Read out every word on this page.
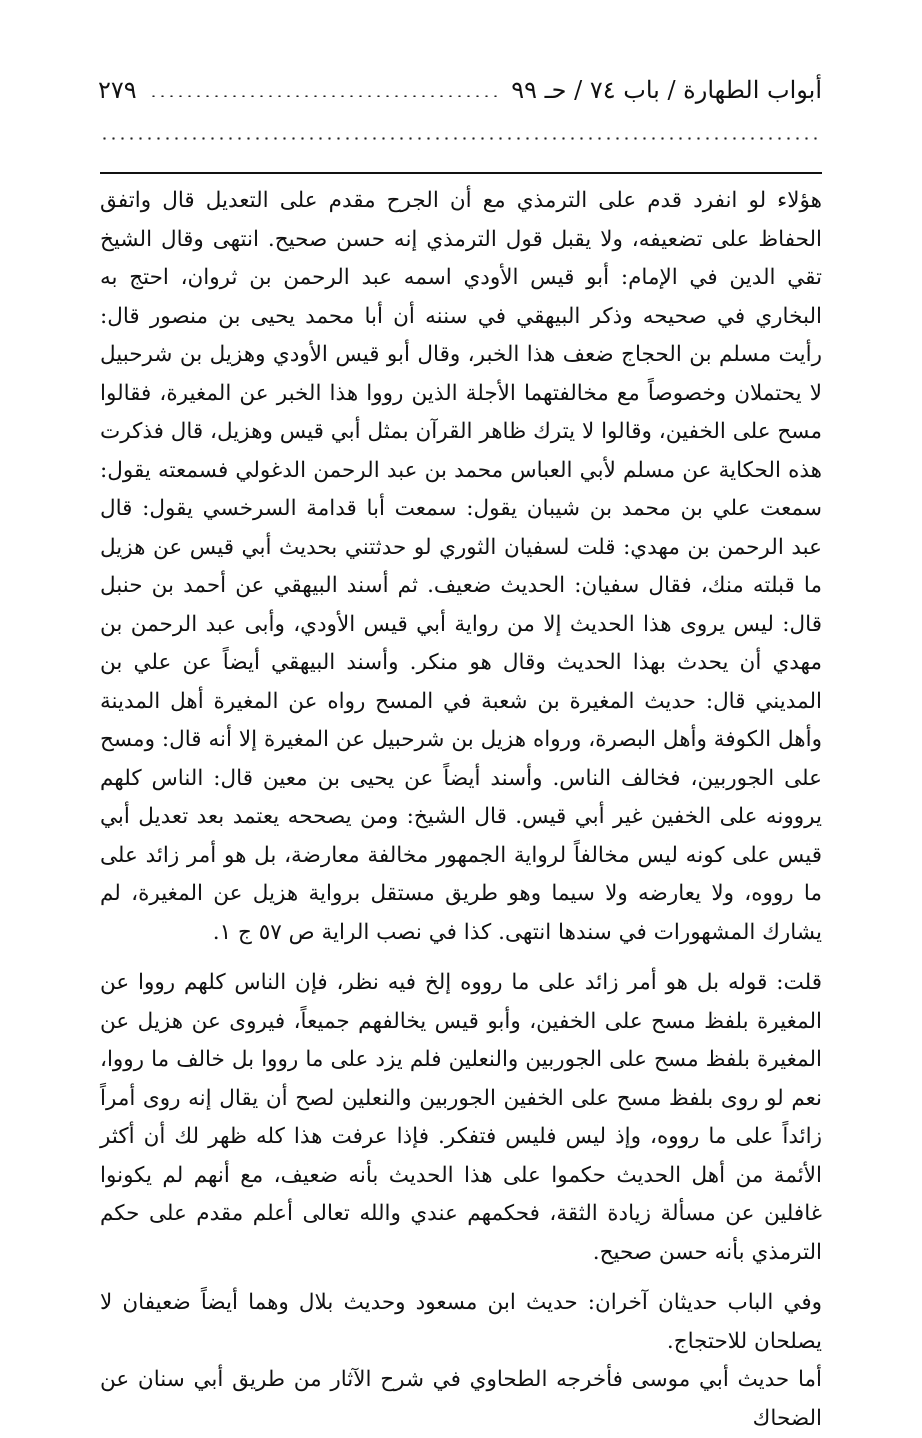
أبواب الطهارة / باب ٧٤ / حـ ٩٩
٢٧٩

هؤلاء لو انفرد قدم على الترمذي مع أن الجرح مقدم على التعديل قال واتفق الحفاظ على تضعيفه، ولا يقبل قول الترمذي إنه حسن صحيح. انتهى وقال الشيخ تقي الدين في الإمام: أبو قيس الأودي اسمه عبد الرحمن بن ثروان، احتج به البخاري في صحيحه وذكر البيهقي في سننه أن أبا محمد يحيى بن منصور قال: رأيت مسلم بن الحجاج ضعف هذا الخبر، وقال أبو قيس الأودي وهزيل بن شرحبيل لا يحتملان وخصوصاً مع مخالفتهما الأجلة الذين رووا هذا الخبر عن المغيرة، فقالوا مسح على الخفين، وقالوا لا يترك ظاهر القرآن بمثل أبي قيس وهزيل، قال فذكرت هذه الحكاية عن مسلم لأبي العباس محمد بن عبد الرحمن الدغولي فسمعته يقول: سمعت علي بن محمد بن شيبان يقول: سمعت أبا قدامة السرخسي يقول: قال عبد الرحمن بن مهدي: قلت لسفيان الثوري لو حدثتني بحديث أبي قيس عن هزيل ما قبلته منك، فقال سفيان: الحديث ضعيف. ثم أسند البيهقي عن أحمد بن حنبل قال: ليس يروى هذا الحديث إلا من رواية أبي قيس الأودي، وأبى عبد الرحمن بن مهدي أن يحدث بهذا الحديث وقال هو منكر. وأسند البيهقي أيضاً عن علي بن المديني قال: حديث المغيرة بن شعبة في المسح رواه عن المغيرة أهل المدينة وأهل الكوفة وأهل البصرة، ورواه هزيل بن شرحبيل عن المغيرة إلا أنه قال: ومسح على الجوربين، فخالف الناس. وأسند أيضاً عن يحيى بن معين قال: الناس كلهم يروونه على الخفين غير أبي قيس. قال الشيخ: ومن يصححه يعتمد بعد تعديل أبي قيس على كونه ليس مخالفاً لرواية الجمهور مخالفة معارضة، بل هو أمر زائد على ما رووه، ولا يعارضه ولا سيما وهو طريق مستقل برواية هزيل عن المغيرة، لم يشارك المشهورات في سندها انتهى. كذا في نصب الراية ص ٥٧ ج ١.

قلت: قوله بل هو أمر زائد على ما رووه إلخ فيه نظر، فإن الناس كلهم رووا عن المغيرة بلفظ مسح على الخفين، وأبو قيس يخالفهم جميعاً، فيروى عن هزيل عن المغيرة بلفظ مسح على الجوربين والنعلين فلم يزد على ما رووا بل خالف ما رووا، نعم لو روى بلفظ مسح على الخفين الجوربين والنعلين لصح أن يقال إنه روى أمراً زائداً على ما رووه، وإذ ليس فليس فتفكر. فإذا عرفت هذا كله ظهر لك أن أكثر الأئمة من أهل الحديث حكموا على هذا الحديث بأنه ضعيف، مع أنهم لم يكونوا غافلين عن مسألة زيادة الثقة، فحكمهم عندي والله تعالى أعلم مقدم على حكم الترمذي بأنه حسن صحيح.

وفي الباب حديثان آخران: حديث ابن مسعود وحديث بلال وهما أيضاً ضعيفان لا يصلحان للاحتجاج.

أما حديث أبي موسى فأخرجه الطحاوي في شرح الآثار من طريق أبي سنان عن الضحاك
